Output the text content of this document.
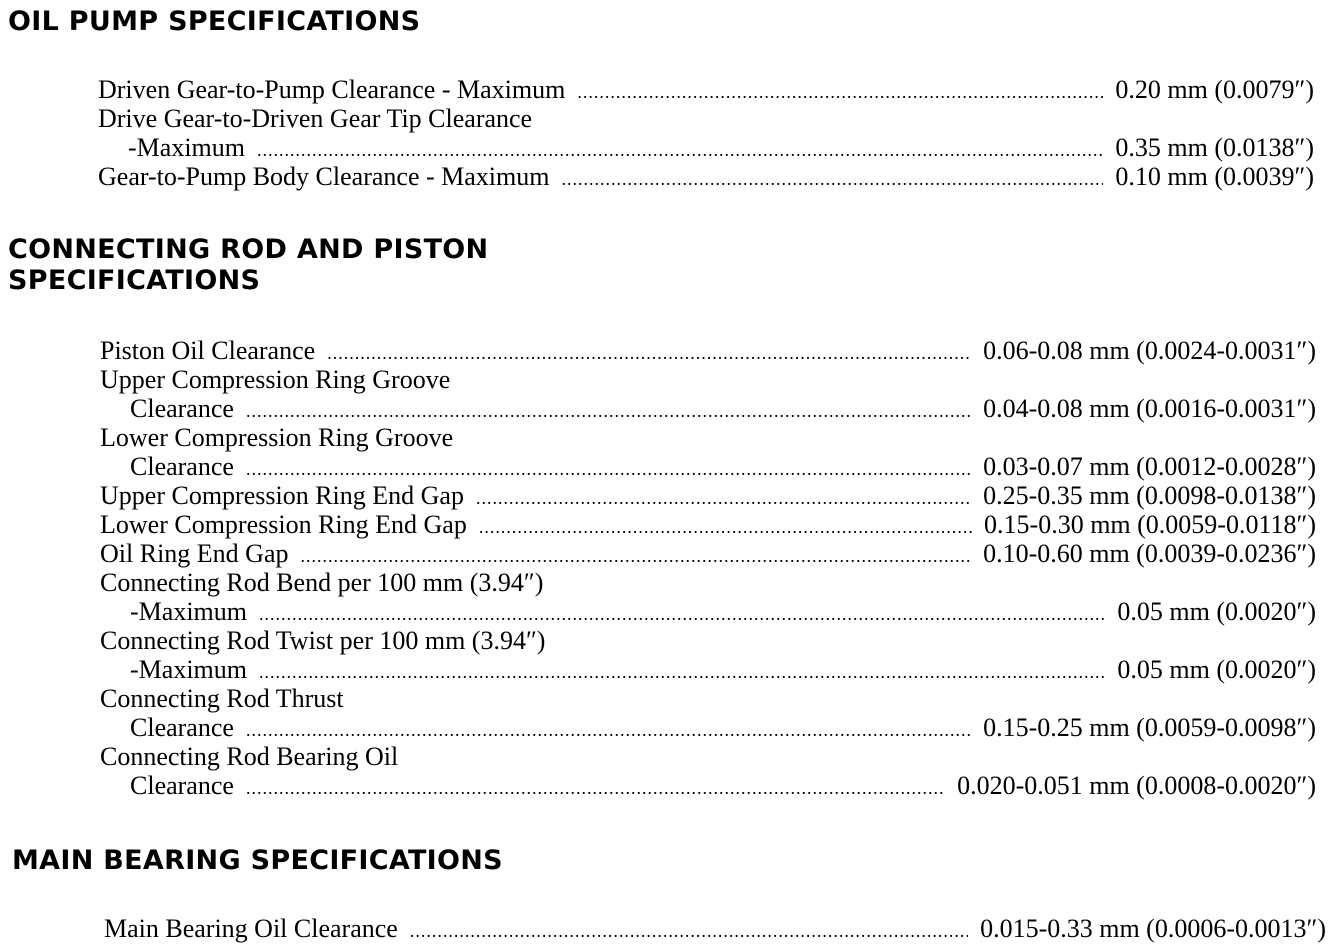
OIL PUMP SPECIFICATIONS
Driven Gear-to-Pump Clearance - Maximum .....	0.20 mm (0.0079″)
Drive Gear-to-Driven Gear Tip Clearance
-Maximum .....	0.35 mm (0.0138″)
Gear-to-Pump Body Clearance - Maximum .....	0.10 mm (0.0039″)
CONNECTING ROD AND PISTON
SPECIFICATIONS
Piston Oil Clearance .....	0.06-0.08 mm (0.0024-0.0031″)
Upper Compression Ring Groove
Clearance .....	0.04-0.08 mm (0.0016-0.0031″)
Lower Compression Ring Groove
Clearance .....	0.03-0.07 mm (0.0012-0.0028″)
Upper Compression Ring End Gap .....	0.25-0.35 mm (0.0098-0.0138″)
Lower Compression Ring End Gap .....	0.15-0.30 mm (0.0059-0.0118″)
Oil Ring End Gap .....	0.10-0.60 mm (0.0039-0.0236″)
Connecting Rod Bend per 100 mm (3.94″)
-Maximum .....	0.05 mm (0.0020″)
Connecting Rod Twist per 100 mm (3.94″)
-Maximum .....	0.05 mm (0.0020″)
Connecting Rod Thrust
Clearance .....	0.15-0.25 mm (0.0059-0.0098″)
Connecting Rod Bearing Oil
Clearance .....	0.020-0.051 mm (0.0008-0.0020″)
MAIN BEARING SPECIFICATIONS
Main Bearing Oil Clearance .....	0.015-0.33 mm (0.0006-0.0013″)
